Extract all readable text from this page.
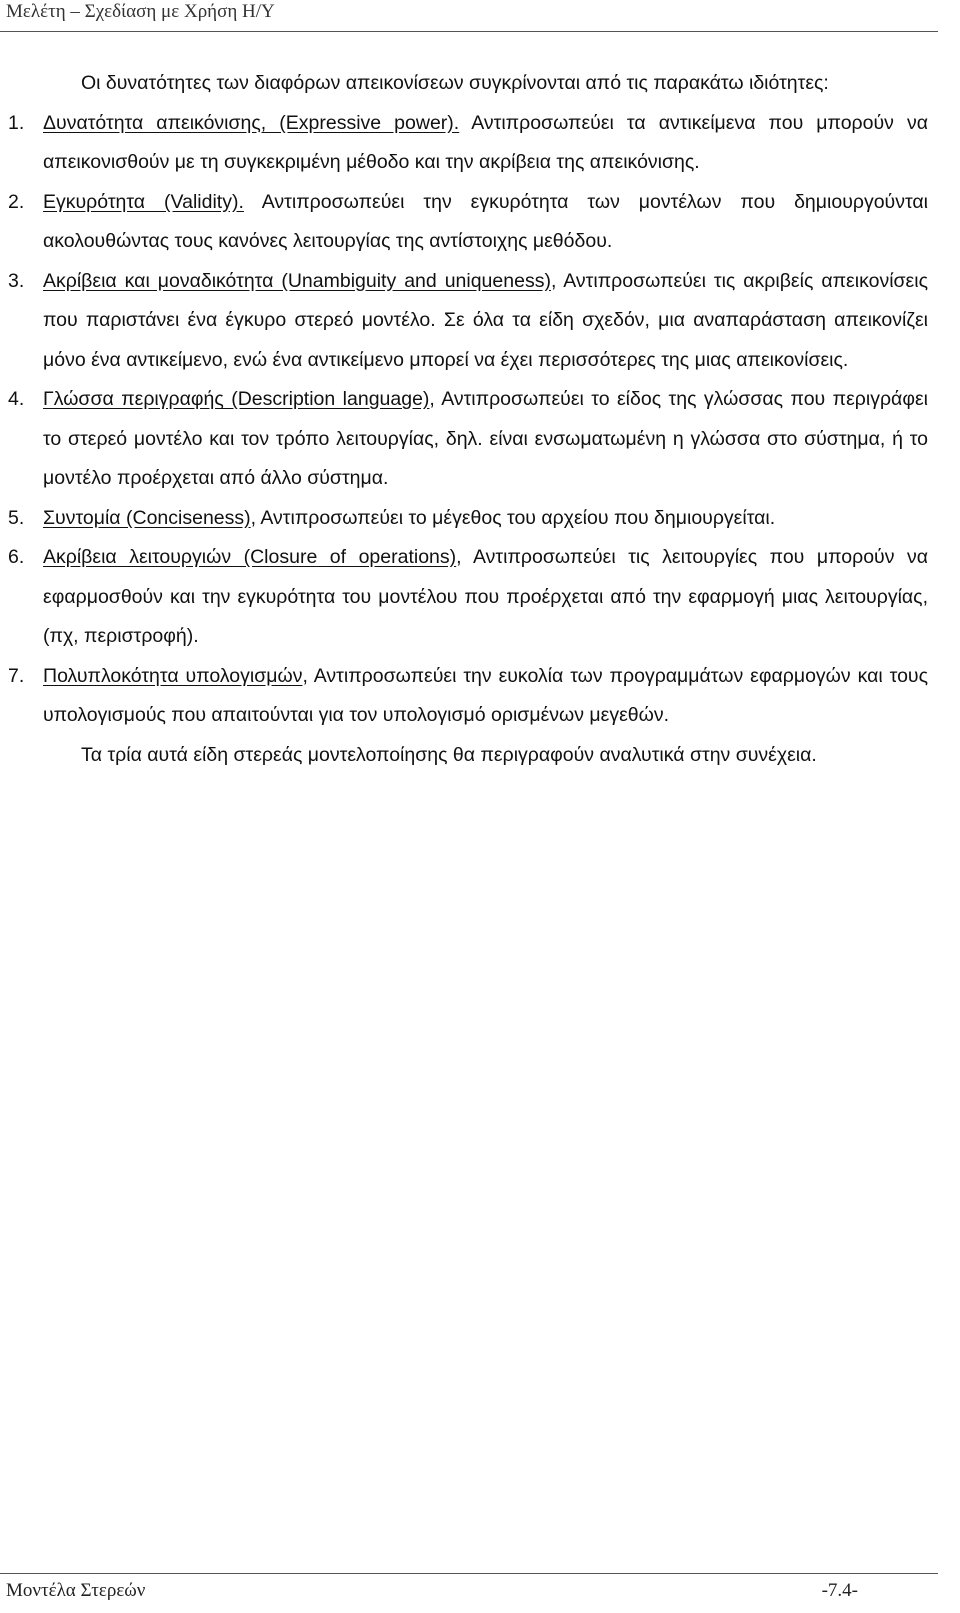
Μελέτη – Σχεδίαση με Χρήση Η/Υ

Οι δυνατότητες των διαφόρων απεικονίσεων συγκρίνονται από τις παρακάτω ιδιότητες:

1. Δυνατότητα απεικόνισης, (Expressive power). Αντιπροσωπεύει τα αντικείμενα που μπορούν να απεικονισθούν με τη συγκεκριμένη μέθοδο και την ακρίβεια της απεικόνισης.
2. Εγκυρότητα (Validity). Αντιπροσωπεύει την εγκυρότητα των μοντέλων που δημιουργούνται ακολουθώντας τους κανόνες λειτουργίας της αντίστοιχης μεθόδου.
3. Ακρίβεια και μοναδικότητα (Unambiguity and uniqueness), Αντιπροσωπεύει τις ακριβείς απεικονίσεις που παριστάνει ένα έγκυρο στερεό μοντέλο. Σε όλα τα είδη σχεδόν, μια αναπαράσταση απεικονίζει μόνο ένα αντικείμενο, ενώ ένα αντικείμενο μπορεί να έχει περισσότερες της μιας απεικονίσεις.
4. Γλώσσα περιγραφής (Description language), Αντιπροσωπεύει το είδος της γλώσσας που περιγράφει το στερεό μοντέλο και τον τρόπο λειτουργίας, δηλ. είναι ενσωματωμένη η γλώσσα στο σύστημα, ή το μοντέλο προέρχεται από άλλο σύστημα.
5. Συντομία (Conciseness), Αντιπροσωπεύει το μέγεθος του αρχείου που δημιουργείται.
6. Ακρίβεια λειτουργιών (Closure of operations), Αντιπροσωπεύει τις λειτουργίες που μπορούν να εφαρμοσθούν και την εγκυρότητα του μοντέλου που προέρχεται από την εφαρμογή μιας λειτουργίας, (πχ, περιστροφή).
7. Πολυπλοκότητα υπολογισμών, Αντιπροσωπεύει την ευκολία των προγραμμάτων εφαρμογών και τους υπολογισμούς που απαιτούνται για τον υπολογισμό ορισμένων μεγεθών.

Τα τρία αυτά είδη στερεάς μοντελοποίησης θα περιγραφούν αναλυτικά στην συνέχεια.

Μοντέλα Στερεών	-7.4-
